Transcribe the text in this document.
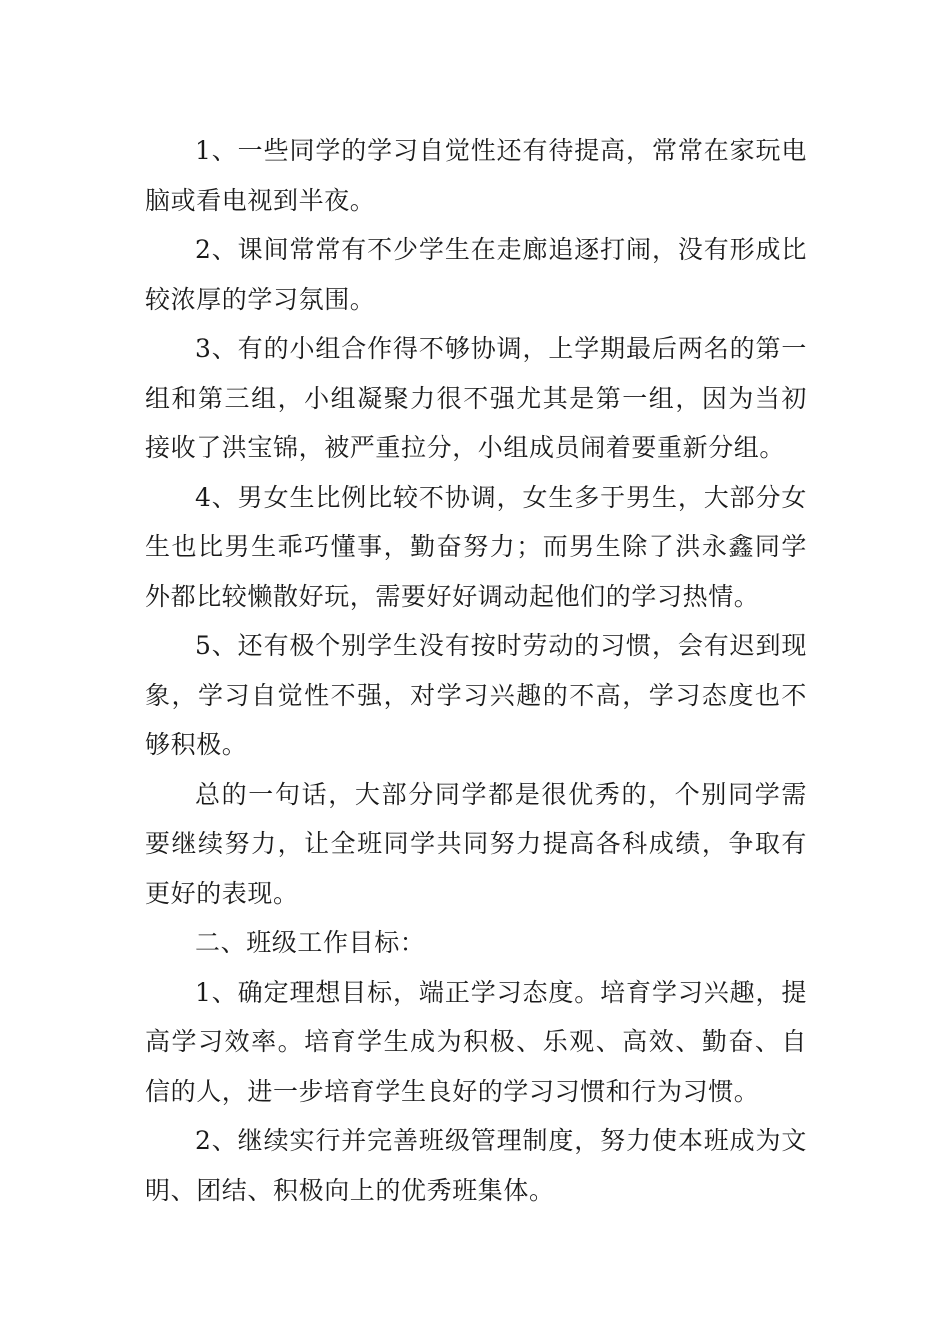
1、一些同学的学习自觉性还有待提高，常常在家玩电脑或看电视到半夜。

2、课间常常有不少学生在走廊追逐打闹，没有形成比较浓厚的学习氛围。

3、有的小组合作得不够协调，上学期最后两名的第一组和第三组，小组凝聚力很不强尤其是第一组，因为当初接收了洪宝锦，被严重拉分，小组成员闹着要重新分组。

4、男女生比例比较不协调，女生多于男生，大部分女生也比男生乖巧懂事，勤奋努力；而男生除了洪永鑫同学外都比较懒散好玩，需要好好调动起他们的学习热情。

5、还有极个别学生没有按时劳动的习惯，会有迟到现象，学习自觉性不强，对学习兴趣的不高，学习态度也不够积极。

总的一句话，大部分同学都是很优秀的，个别同学需要继续努力，让全班同学共同努力提高各科成绩，争取有更好的表现。

二、班级工作目标：

1、确定理想目标，端正学习态度。培育学习兴趣，提高学习效率。培育学生成为积极、乐观、高效、勤奋、自信的人，进一步培育学生良好的学习习惯和行为习惯。

2、继续实行并完善班级管理制度，努力使本班成为文明、团结、积极向上的优秀班集体。
